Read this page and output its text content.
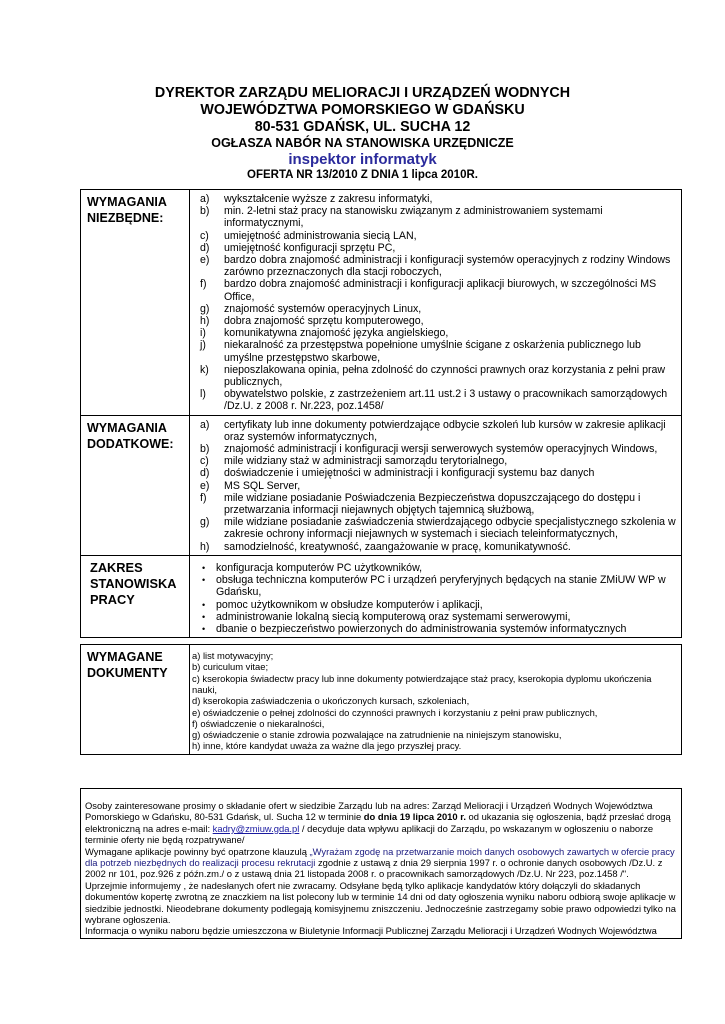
DYREKTOR ZARZĄDU MELIORACJI I URZĄDZEŃ WODNYCH
WOJEWÓDZTWA POMORSKIEGO W GDAŃSKU
80-531 GDAŃSK, UL. SUCHA 12
OGŁASZA NABÓR NA STANOWISKA URZĘDNICZE
inspektor informatyk
OFERTA NR 13/2010 Z DNIA 1 lipca 2010R.
WYMAGANIA NIEZBĘDNE:
a)	wykształcenie wyższe z zakresu informatyki,
b)	min. 2-letni staż pracy na stanowisku związanym z administrowaniem systemami informatycznymi,
c)	umiejętność administrowania siecią LAN,
d)	umiejętność konfiguracji sprzętu PC,
e)	bardzo dobra znajomość administracji i konfiguracji systemów operacyjnych z rodziny Windows zarówno przeznaczonych dla stacji roboczych,
f)	bardzo dobra znajomość administracji i konfiguracji aplikacji biurowych, w szczególności MS Office,
g)	znajomość systemów operacyjnych Linux,
h)	dobra znajomość sprzętu komputerowego,
i)	komunikatywna znajomość języka angielskiego,
j)	niekaralność za przestępstwa popełnione umyślnie ścigane z oskarżenia publicznego lub umyślne przestępstwo skarbowe,
k)	nieposzlakowana opinia, pełna zdolność do czynności prawnych oraz korzystania z pełni praw publicznych,
l)	obywatelstwo polskie, z zastrzeżeniem art.11 ust.2 i 3 ustawy o pracownikach samorządowych /Dz.U. z 2008 r. Nr.223, poz.1458/
WYMAGANIA DODATKOWE:
a)	certyfikaty lub inne dokumenty potwierdzające odbycie szkoleń lub kursów w zakresie aplikacji oraz systemów informatycznych,
b)	znajomość administracji i konfiguracji wersji serwerowych systemów operacyjnych Windows,
c)	mile widziany staż w administracji samorządu terytorialnego,
d)	doświadczenie i umiejętności w administracji i konfiguracji systemu baz danych
e)	MS SQL Server,
f)	mile widziane posiadanie Poświadczenia Bezpieczeństwa dopuszczającego do dostępu i przetwarzania informacji niejawnych objętych tajemnicą służbową,
g)	mile widziane posiadanie zaświadczenia stwierdzającego odbycie specjalistycznego szkolenia w zakresie ochrony informacji niejawnych w systemach i sieciach teleinformatycznych,
h)	samodzielność, kreatywność, zaangażowanie w pracę, komunikatywność.
ZAKRES STANOWISKA PRACY
•	konfiguracja komputerów PC użytkowników,
•	obsługa techniczna komputerów PC i urządzeń peryferyjnych będących na stanie ZMiUW WP w Gdańsku,
•	pomoc użytkownikom w obsłudze komputerów i aplikacji,
•	administrowanie lokalną siecią komputerową oraz systemami serwerowymi,
•	dbanie o bezpieczeństwo powierzonych do administrowania systemów informatycznych
WYMAGANE DOKUMENTY
a) list motywacyjny;
b) curiculum vitae;
c) kserokopia świadectw pracy lub inne dokumenty potwierdzające staż pracy, kserokopia dyplomu ukończenia nauki,
d) kserokopia zaświadczenia o ukończonych kursach, szkoleniach,
e) oświadczenie o pełnej zdolności do czynności prawnych i korzystaniu z pełni praw publicznych,
f) oświadczenie o niekaralności,
g) oświadczenie o stanie zdrowia pozwalające na zatrudnienie na niniejszym stanowisku,
h) inne, które kandydat uważa za ważne dla jego przyszłej pracy.

Osoby zainteresowane prosimy o składanie ofert w siedzibie Zarządu lub na adres: Zarząd Melioracji i Urządzeń Wodnych Województwa Pomorskiego w Gdańsku, 80-531 Gdańsk, ul. Sucha 12 w terminie do dnia 19 lipca 2010 r. od ukazania się ogłoszenia, bądź przesłać drogą elektroniczną na adres e-mail: kadry@zmiuw.gda.pl / decyduje data wpływu aplikacji do Zarządu, po wskazanym w ogłoszeniu o naborze terminie oferty nie będą rozpatrywane/

Wymagane aplikacje powinny być opatrzone klauzulą „Wyrażam zgodę na przetwarzanie moich danych osobowych zawartych w ofercie pracy dla potrzeb niezbędnych do realizacji procesu rekrutacji zgodnie z ustawą z dnia 29 sierpnia 1997 r. o ochronie danych osobowych /Dz.U. z 2002 nr 101, poz.926 z późn.zm./ o z ustawą dnia 21 listopada 2008 r. o pracownikach samorządowych /Dz.U. Nr 223, poz.1458 /".

Uprzejmie informujemy , że nadesłanych ofert nie zwracamy. Odsyłane będą tylko aplikacje kandydatów który dołączyli do składanych dokumentów kopertę zwrotną ze znaczkiem na list polecony lub w terminie 14 dni od daty ogłoszenia wyniku naboru odbiorą swoje aplikacje w siedzibie jednostki. Nieodebrane dokumenty podlegają komisyjnemu zniszczeniu. Jednocześnie zastrzegamy sobie prawo odpowiedzi tylko na wybrane ogłoszenia.

Informacja o wyniku naboru będzie umieszczona w Biuletynie Informacji Publicznej Zarządu Melioracji i Urządzeń Wodnych Województwa
